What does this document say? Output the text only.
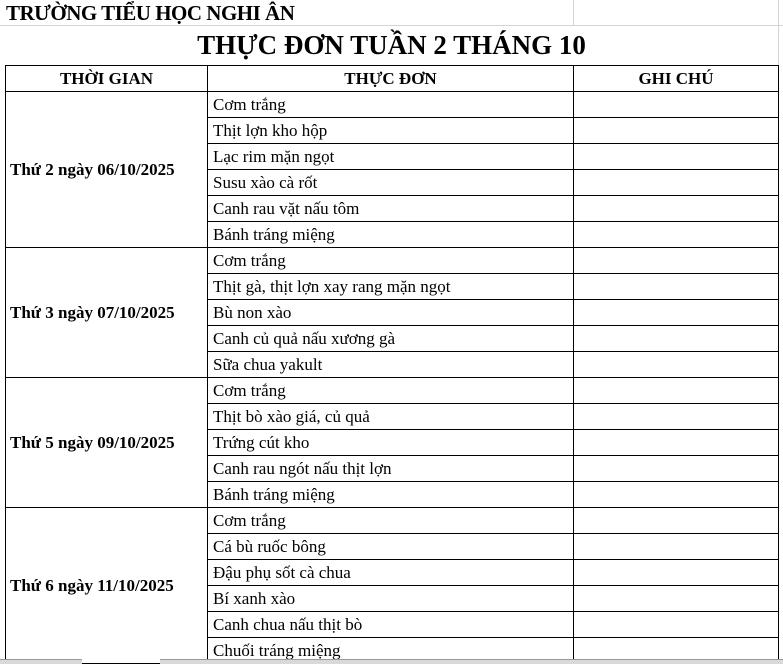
TRƯỜNG TIỂU HỌC NGHI ÂN
THỰC ĐƠN TUẦN 2 THÁNG 10
THỜI GIAN	THỰC ĐƠN	GHI CHÚ
Thứ 2 ngày 06/10/2025	Cơm trắng	
	Thịt lợn kho hộp	
	Lạc rim mặn ngọt	
	Susu xào cà rốt	
	Canh rau vặt nấu tôm	
	Bánh tráng miệng	
Thứ 3 ngày 07/10/2025	Cơm trắng	
	Thịt gà, thịt lợn xay rang mặn ngọt	
	Bù non xào	
	Canh củ quả nấu xương gà	
	Sữa chua yakult	
Thứ 5 ngày 09/10/2025	Cơm trắng	
	Thịt bò xào giá, củ quả	
	Trứng cút kho	
	Canh rau ngót nấu thịt lợn	
	Bánh tráng miệng	
Thứ 6 ngày 11/10/2025	Cơm trắng	
	Cá bù ruốc bông	
	Đậu phụ sốt cà chua	
	Bí xanh xào	
	Canh chua nấu thịt bò	
	Chuối tráng miệng	
